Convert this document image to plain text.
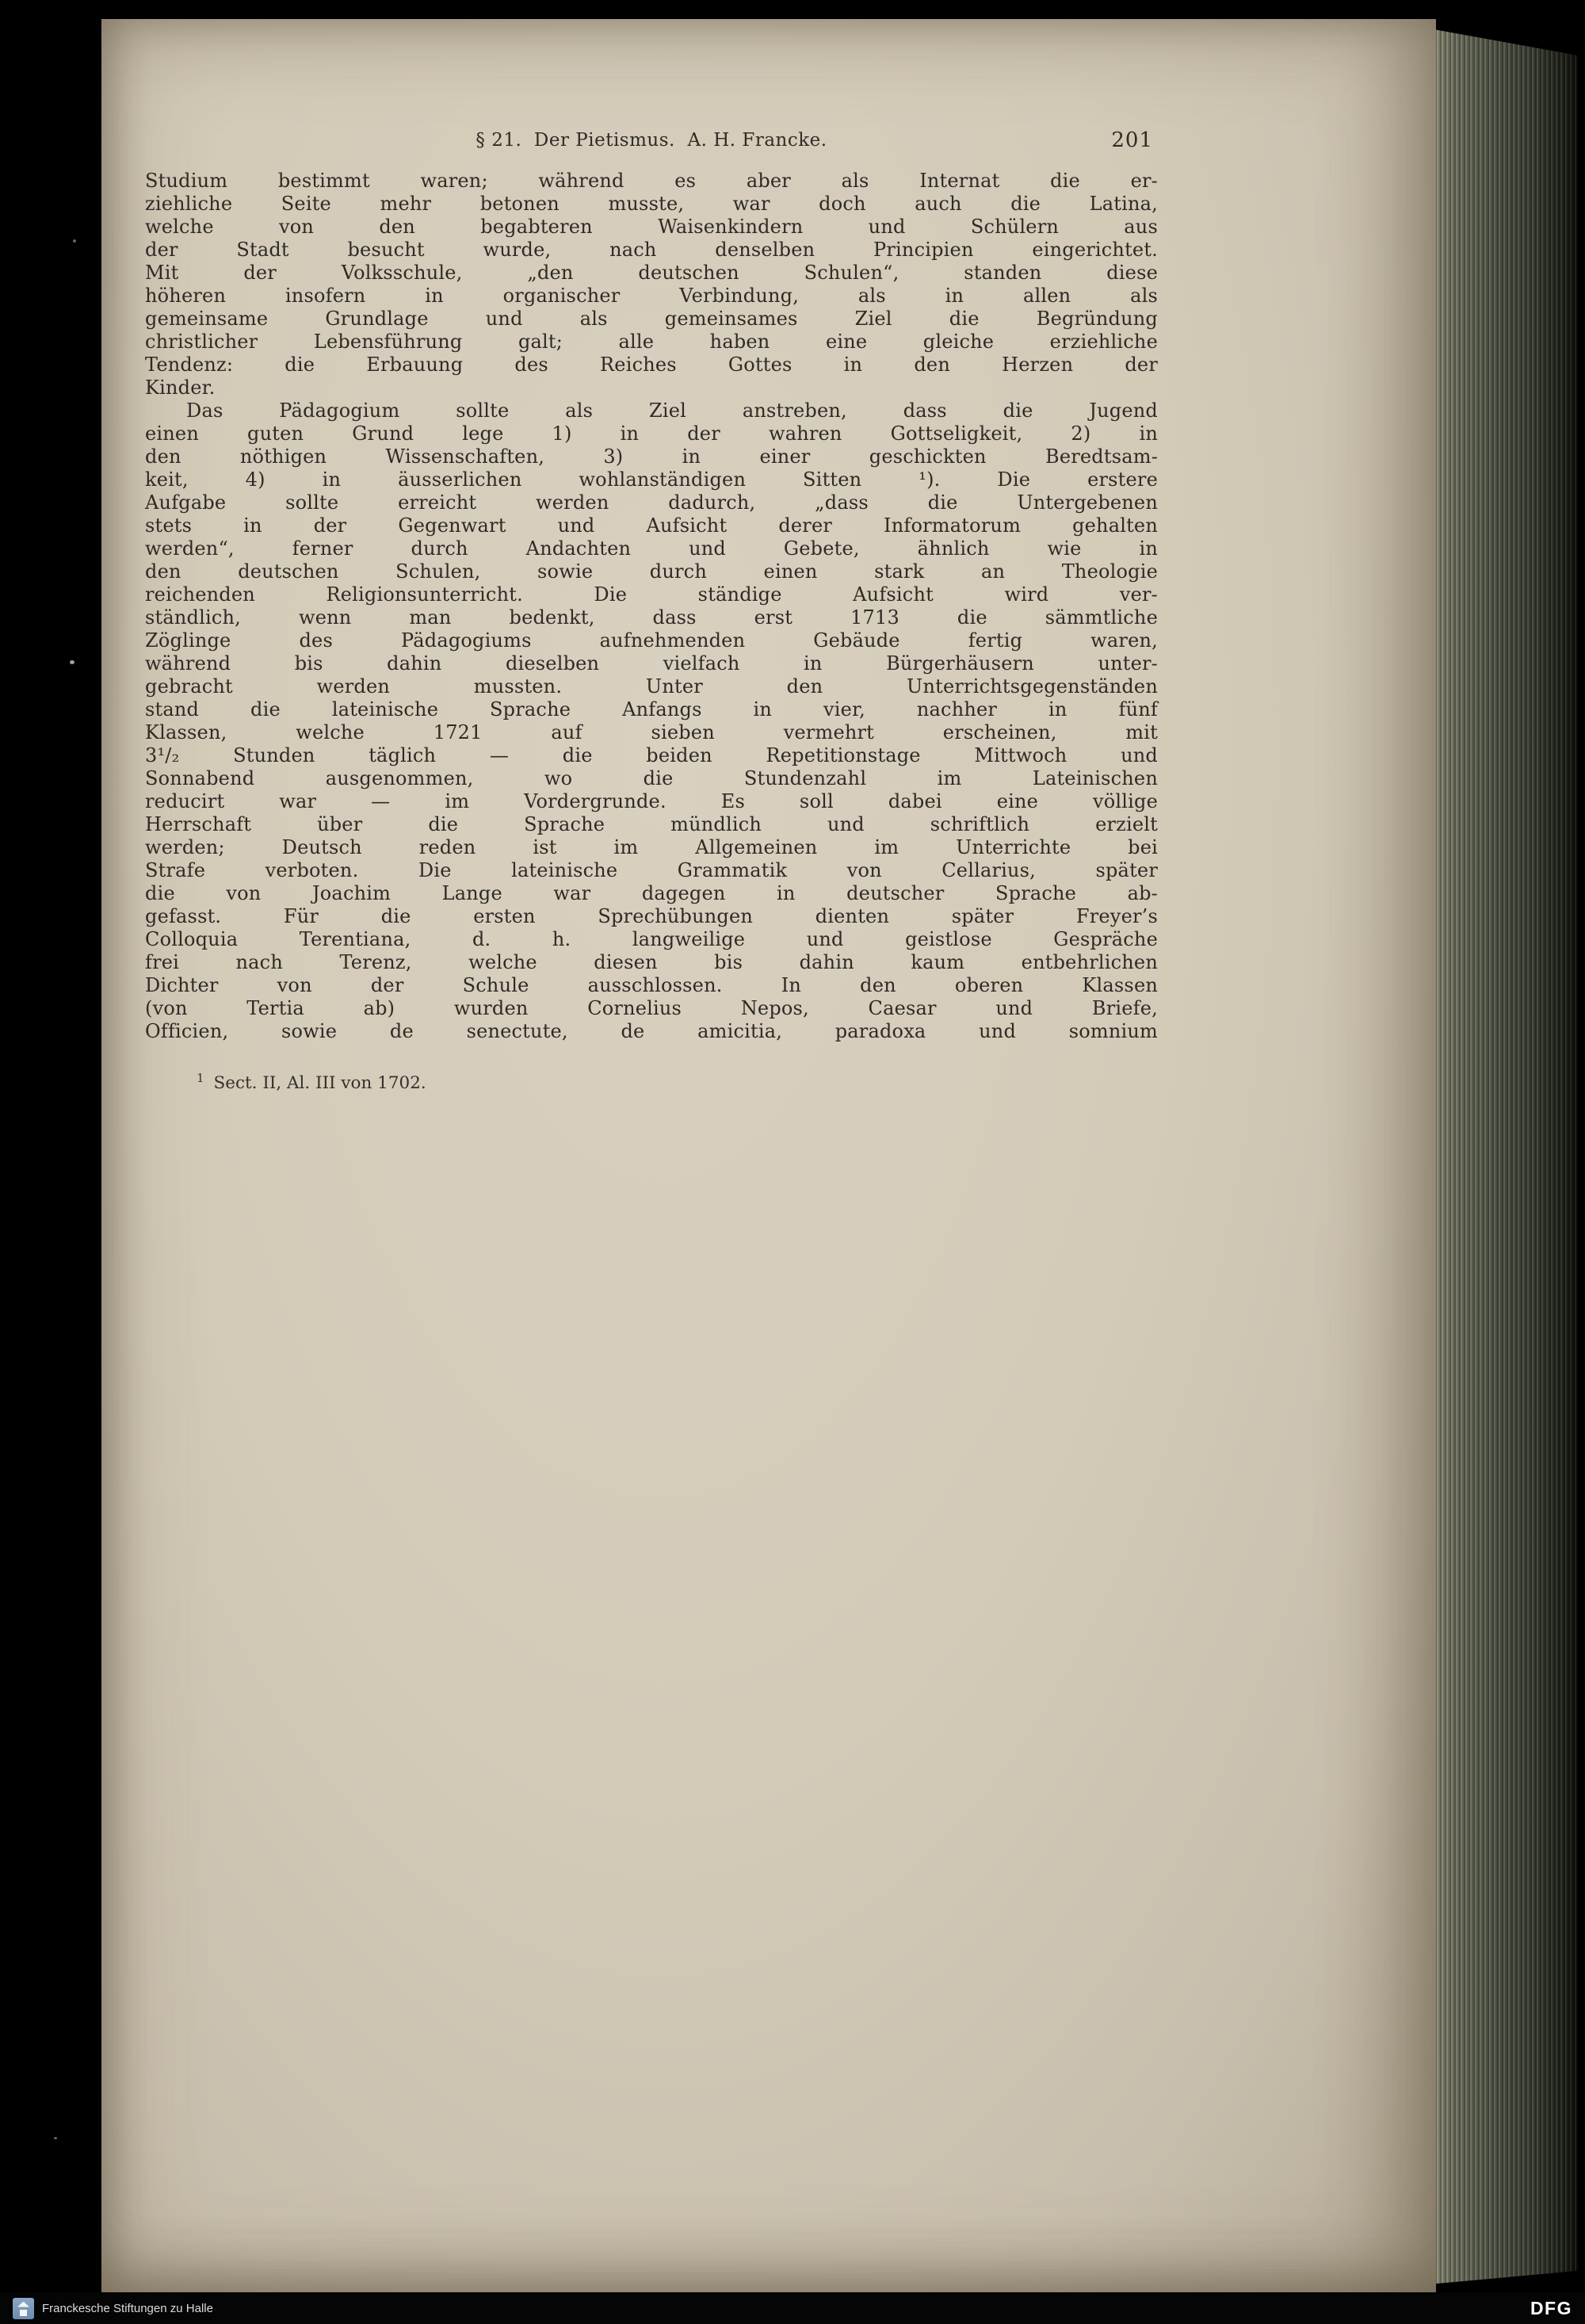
§ 21.  Der Pietismus.  A. H. Francke.	201
Studium bestimmt waren; während es aber als Internat die er-
ziehliche Seite mehr betonen musste, war doch auch die Latina,
welche von den begabteren Waisenkindern und Schülern aus
der Stadt besucht wurde, nach denselben Principien eingerichtet.
Mit der Volksschule, „den deutschen Schulen“, standen diese
höheren insofern in organischer Verbindung, als in allen als
gemeinsame Grundlage und als gemeinsames Ziel die Begründung
christlicher Lebensführung galt; alle haben eine gleiche erziehliche
Tendenz: die Erbauung des Reiches Gottes in den Herzen der
Kinder.
Das Pädagogium sollte als Ziel anstreben, dass die Jugend
einen guten Grund lege 1) in der wahren Gottseligkeit, 2) in
den nöthigen Wissenschaften, 3) in einer geschickten Beredtsam-
keit, 4) in äusserlichen wohlanständigen Sitten ¹). Die erstere
Aufgabe sollte erreicht werden dadurch, „dass die Untergebenen
stets in der Gegenwart und Aufsicht derer Informatorum gehalten
werden“, ferner durch Andachten und Gebete, ähnlich wie in
den deutschen Schulen, sowie durch einen stark an Theologie
reichenden Religionsunterricht. Die ständige Aufsicht wird ver-
ständlich, wenn man bedenkt, dass erst 1713 die sämmtliche
Zöglinge des Pädagogiums aufnehmenden Gebäude fertig waren,
während bis dahin dieselben vielfach in Bürgerhäusern unter-
gebracht werden mussten. Unter den Unterrichtsgegenständen
stand die lateinische Sprache Anfangs in vier, nachher in fünf
Klassen, welche 1721 auf sieben vermehrt erscheinen, mit
3¹/₂ Stunden täglich — die beiden Repetitionstage Mittwoch und
Sonnabend ausgenommen, wo die Stundenzahl im Lateinischen
reducirt war — im Vordergrunde. Es soll dabei eine völlige
Herrschaft über die Sprache mündlich und schriftlich erzielt
werden; Deutsch reden ist im Allgemeinen im Unterrichte bei
Strafe verboten. Die lateinische Grammatik von Cellarius, später
die von Joachim Lange war dagegen in deutscher Sprache ab-
gefasst. Für die ersten Sprechübungen dienten später Freyer’s
Colloquia Terentiana, d. h. langweilige und geistlose Gespräche
frei nach Terenz, welche diesen bis dahin kaum entbehrlichen
Dichter von der Schule ausschlossen. In den oberen Klassen
(von Tertia ab) wurden Cornelius Nepos, Caesar und Briefe,
Officien, sowie de senectute, de amicitia, paradoxa und somnium
$^1$ Sect. II, Al. III von 1702.
Franckesche Stiftungen zu Halle	DFG
